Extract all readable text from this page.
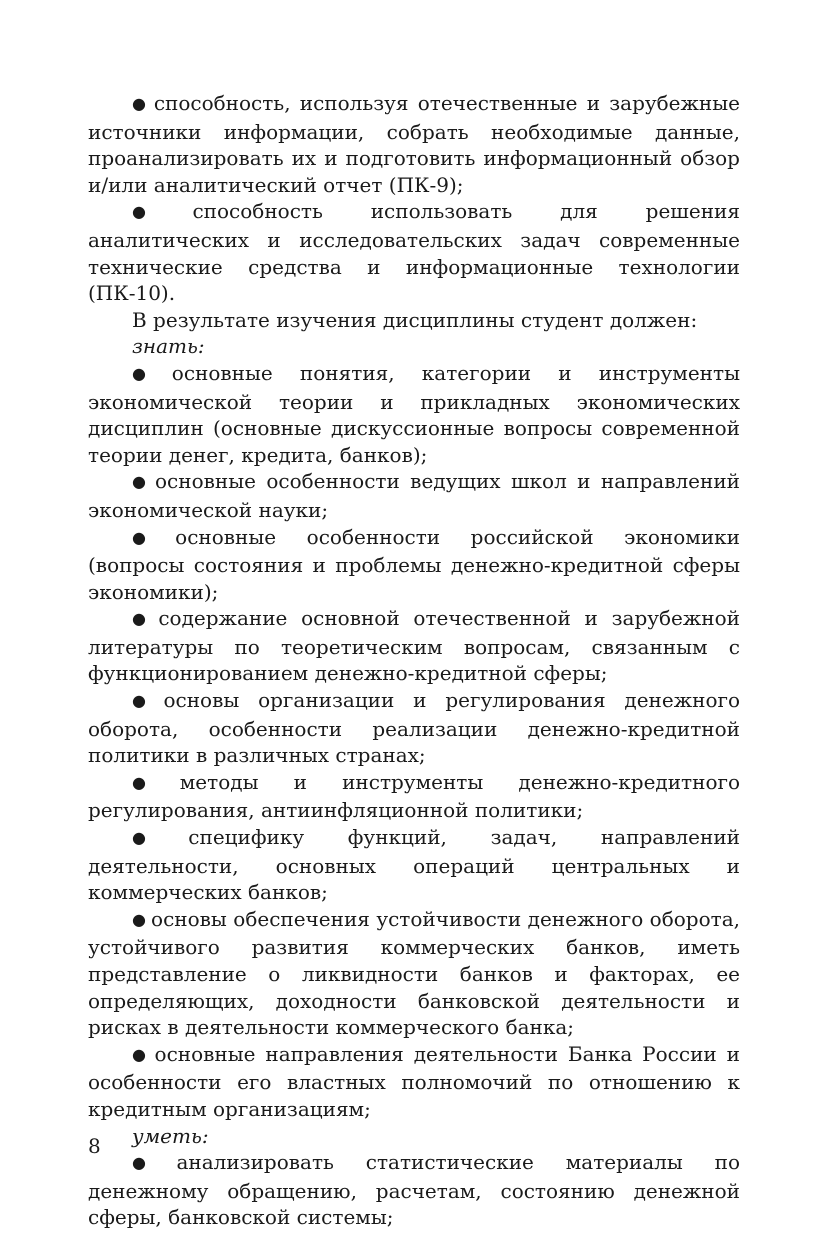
● способность, используя отечественные и зарубежные источники информации, собрать необходимые данные, проанализировать их и подготовить информационный обзор и/или аналитический отчет (ПК-9);

● способность использовать для решения аналитических и исследовательских задач современные технические средства и информационные технологии (ПК-10).

В результате изучения дисциплины студент должен:

знать:

● основные понятия, категории и инструменты экономической теории и прикладных экономических дисциплин (основные дискуссионные вопросы современной теории денег, кредита, банков);

● основные особенности ведущих школ и направлений экономической науки;

● основные особенности российской экономики (вопросы состояния и проблемы денежно-кредитной сферы экономики);

● содержание основной отечественной и зарубежной литературы по теоретическим вопросам, связанным с функционированием денежно-кредитной сферы;

● основы организации и регулирования денежного оборота, особенности реализации денежно-кредитной политики в различных странах;

● методы и инструменты денежно-кредитного регулирования, антиинфляционной политики;

● специфику функций, задач, направлений деятельности, основных операций центральных и коммерческих банков;

● основы обеспечения устойчивости денежного оборота, устойчивого развития коммерческих банков, иметь представление о ликвидности банков и факторах, ее определяющих, доходности банковской деятельности и рисках в деятельности коммерческого банка;

● основные направления деятельности Банка России и особенности его властных полномочий по отношению к кредитным организациям;

уметь:

● анализировать статистические материалы по денежному обращению, расчетам, состоянию денежной сферы, банковской системы;

8
